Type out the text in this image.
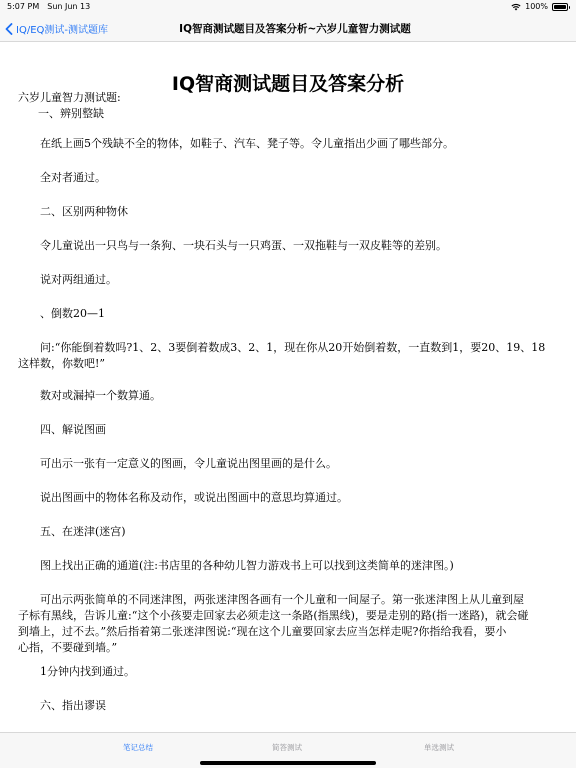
5:07 PM Sun Jun 13	100%
IQ/EQ测试-测试题库	IQ智商测试题目及答案分析~六岁儿童智力测试题
IQ智商测试题目及答案分析
六岁儿童智力测试题:
一、辨别整缺
在纸上画5个残缺不全的物体，如鞋子、汽车、凳子等。令儿童指出少画了哪些部分。
全对者通过。
二、区别两种物休
令儿童说出一只鸟与一条狗、一块石头与一只鸡蛋、一双拖鞋与一双皮鞋等的差别。
说对两组通过。
、倒数20—1
问:“你能倒着数吗?1、2、3要倒着数成3、2、1，现在你从20开始倒着数，一直数到1，要20、19、18
这样数，你数吧!”
数对或漏掉一个数算通。
四、解说图画
可出示一张有一定意义的图画，令儿童说出图里画的是什么。
说出图画中的物体名称及动作，或说出图画中的意思均算通过。
五、在迷津(迷宫)
图上找出正确的通道(注:书店里的各种幼儿智力游戏书上可以找到这类简单的迷津图。)
可出示两张简单的不同迷津图，两张迷津图各画有一个儿童和一间屋子。第一张迷津图上从儿童到屋
子标有黑线，告诉儿童:“这个小孩要走回家去必须走这一条路(指黑线)，要是走别的路(指一迷路)，就会碰
到墙上，过不去。”然后指着第二张迷津图说:“现在这个儿童要回家去应当怎样走呢?你指给我看，要小
心指，不要碰到墙。”
1分钟内找到通过。
六、指出谬误
笔记总结	简答测试	单选测试
